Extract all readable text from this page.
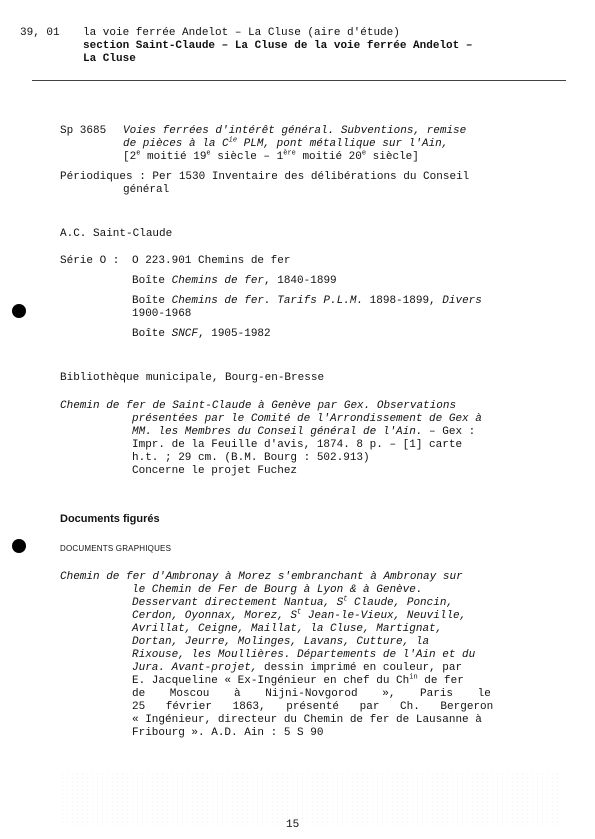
39, 01 la voie ferrée Andelot – La Cluse (aire d'étude)
section Saint-Claude – La Cluse de la voie ferrée Andelot –
La Cluse
Sp 3685 Voies ferrées d'intérêt général. Subventions, remise
de pièces à la $C^{ie}$ PLM, pont métallique sur l'Ain,
[2e moitié 19e siècle – 1ère moitié 20e siècle]
Périodiques : Per 1530 Inventaire des délibérations du Conseil
général
A.C. Saint-Claude
Série O : O 223.901 Chemins de fer
Boîte Chemins de fer, 1840-1899
Boîte Chemins de fer. Tarifs P.L.M. 1898-1899, Divers
1900-1968
Boîte SNCF, 1905-1982
Bibliothèque municipale, Bourg-en-Bresse
Chemin de fer de Saint-Claude à Genève par Gex. Observations
présentées par le Comité de l'Arrondissement de Gex à
MM. les Membres du Conseil général de l'Ain. – Gex :
Impr. de la Feuille d'avis, 1874. 8 p. – [1] carte
h.t. ; 29 cm. (B.M. Bourg : 502.913)
Concerne le projet Fuchez
Documents figurés
DOCUMENTS GRAPHIQUES
Chemin de fer d'Ambronay à Morez s'embranchant à Ambronay sur
le Chemin de Fer de Bourg à Lyon & à Genève.
Desservant directement Nantua, $S^t$ Claude, Poncin,
Cerdon, Oyonnax, Morez, $S^t$ Jean-le-Vieux, Neuville,
Avrillat, Ceigne, Maillat, la Cluse, Martignat,
Dortan, Jeurre, Molinges, Lavans, Cutture, la
Rixouse, les Moullières. Départements de l'Ain et du
Jura. Avant-projet, dessin imprimé en couleur, par
E. Jacqueline « Ex-Ingénieur en chef du $Ch^{in}$ de fer
de Moscou à Nijni-Novgorod », Paris le
25 février 1863, présenté par Ch. Bergeron
« Ingénieur, directeur du Chemin de fer de Lausanne à
Fribourg ». A.D. Ain : 5 S 90
15
